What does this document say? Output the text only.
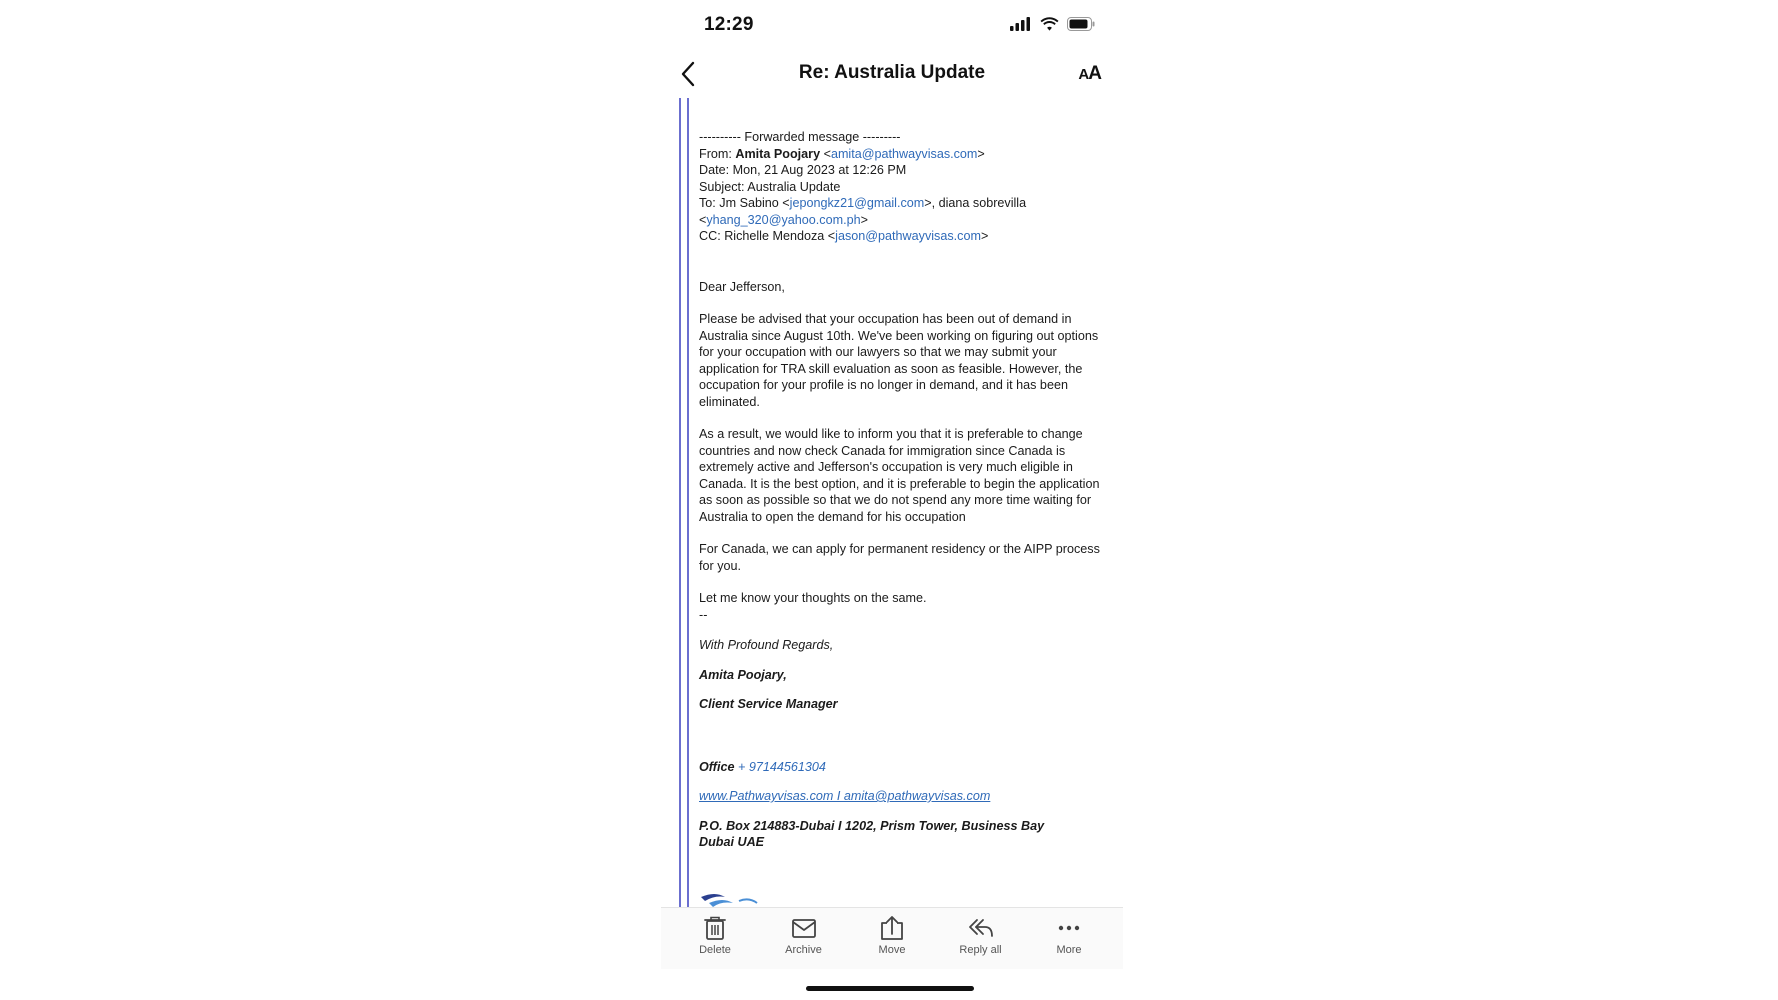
12:29
Re: Australia Update	AA

---------- Forwarded message ---------

From: Amita Poojary <amita@pathwayvisas.com>

Date: Mon, 21 Aug 2023 at 12:26 PM

Subject: Australia Update

To: Jm Sabino <jepongkz21@gmail.com>, diana sobrevilla
<yhang_320@yahoo.com.ph>

CC: Richelle Mendoza <jason@pathwayvisas.com>

Dear Jefferson,

Please be advised that your occupation has been out of demand in Australia since August 10th. We've been working on figuring out options for your occupation with our lawyers so that we may submit your application for TRA skill evaluation as soon as feasible. However, the occupation for your profile is no longer in demand, and it has been eliminated.

As a result, we would like to inform you that it is preferable to change countries and now check Canada for immigration since Canada is extremely active and Jefferson's occupation is very much eligible in Canada. It is the best option, and it is preferable to begin the application as soon as possible so that we do not spend any more time waiting for Australia to open the demand for his occupation

For Canada, we can apply for permanent residency or the AIPP process for you.

Let me know your thoughts on the same.

--

With Profound Regards,

Amita Poojary,

Client Service Manager

Office + 97144561304

www.Pathwayvisas.com I amita@pathwayvisas.com

P.O. Box 214883-Dubai I 1202, Prism Tower, Business Bay

Dubai UAE

Delete	Archive	Move	Reply all	More
